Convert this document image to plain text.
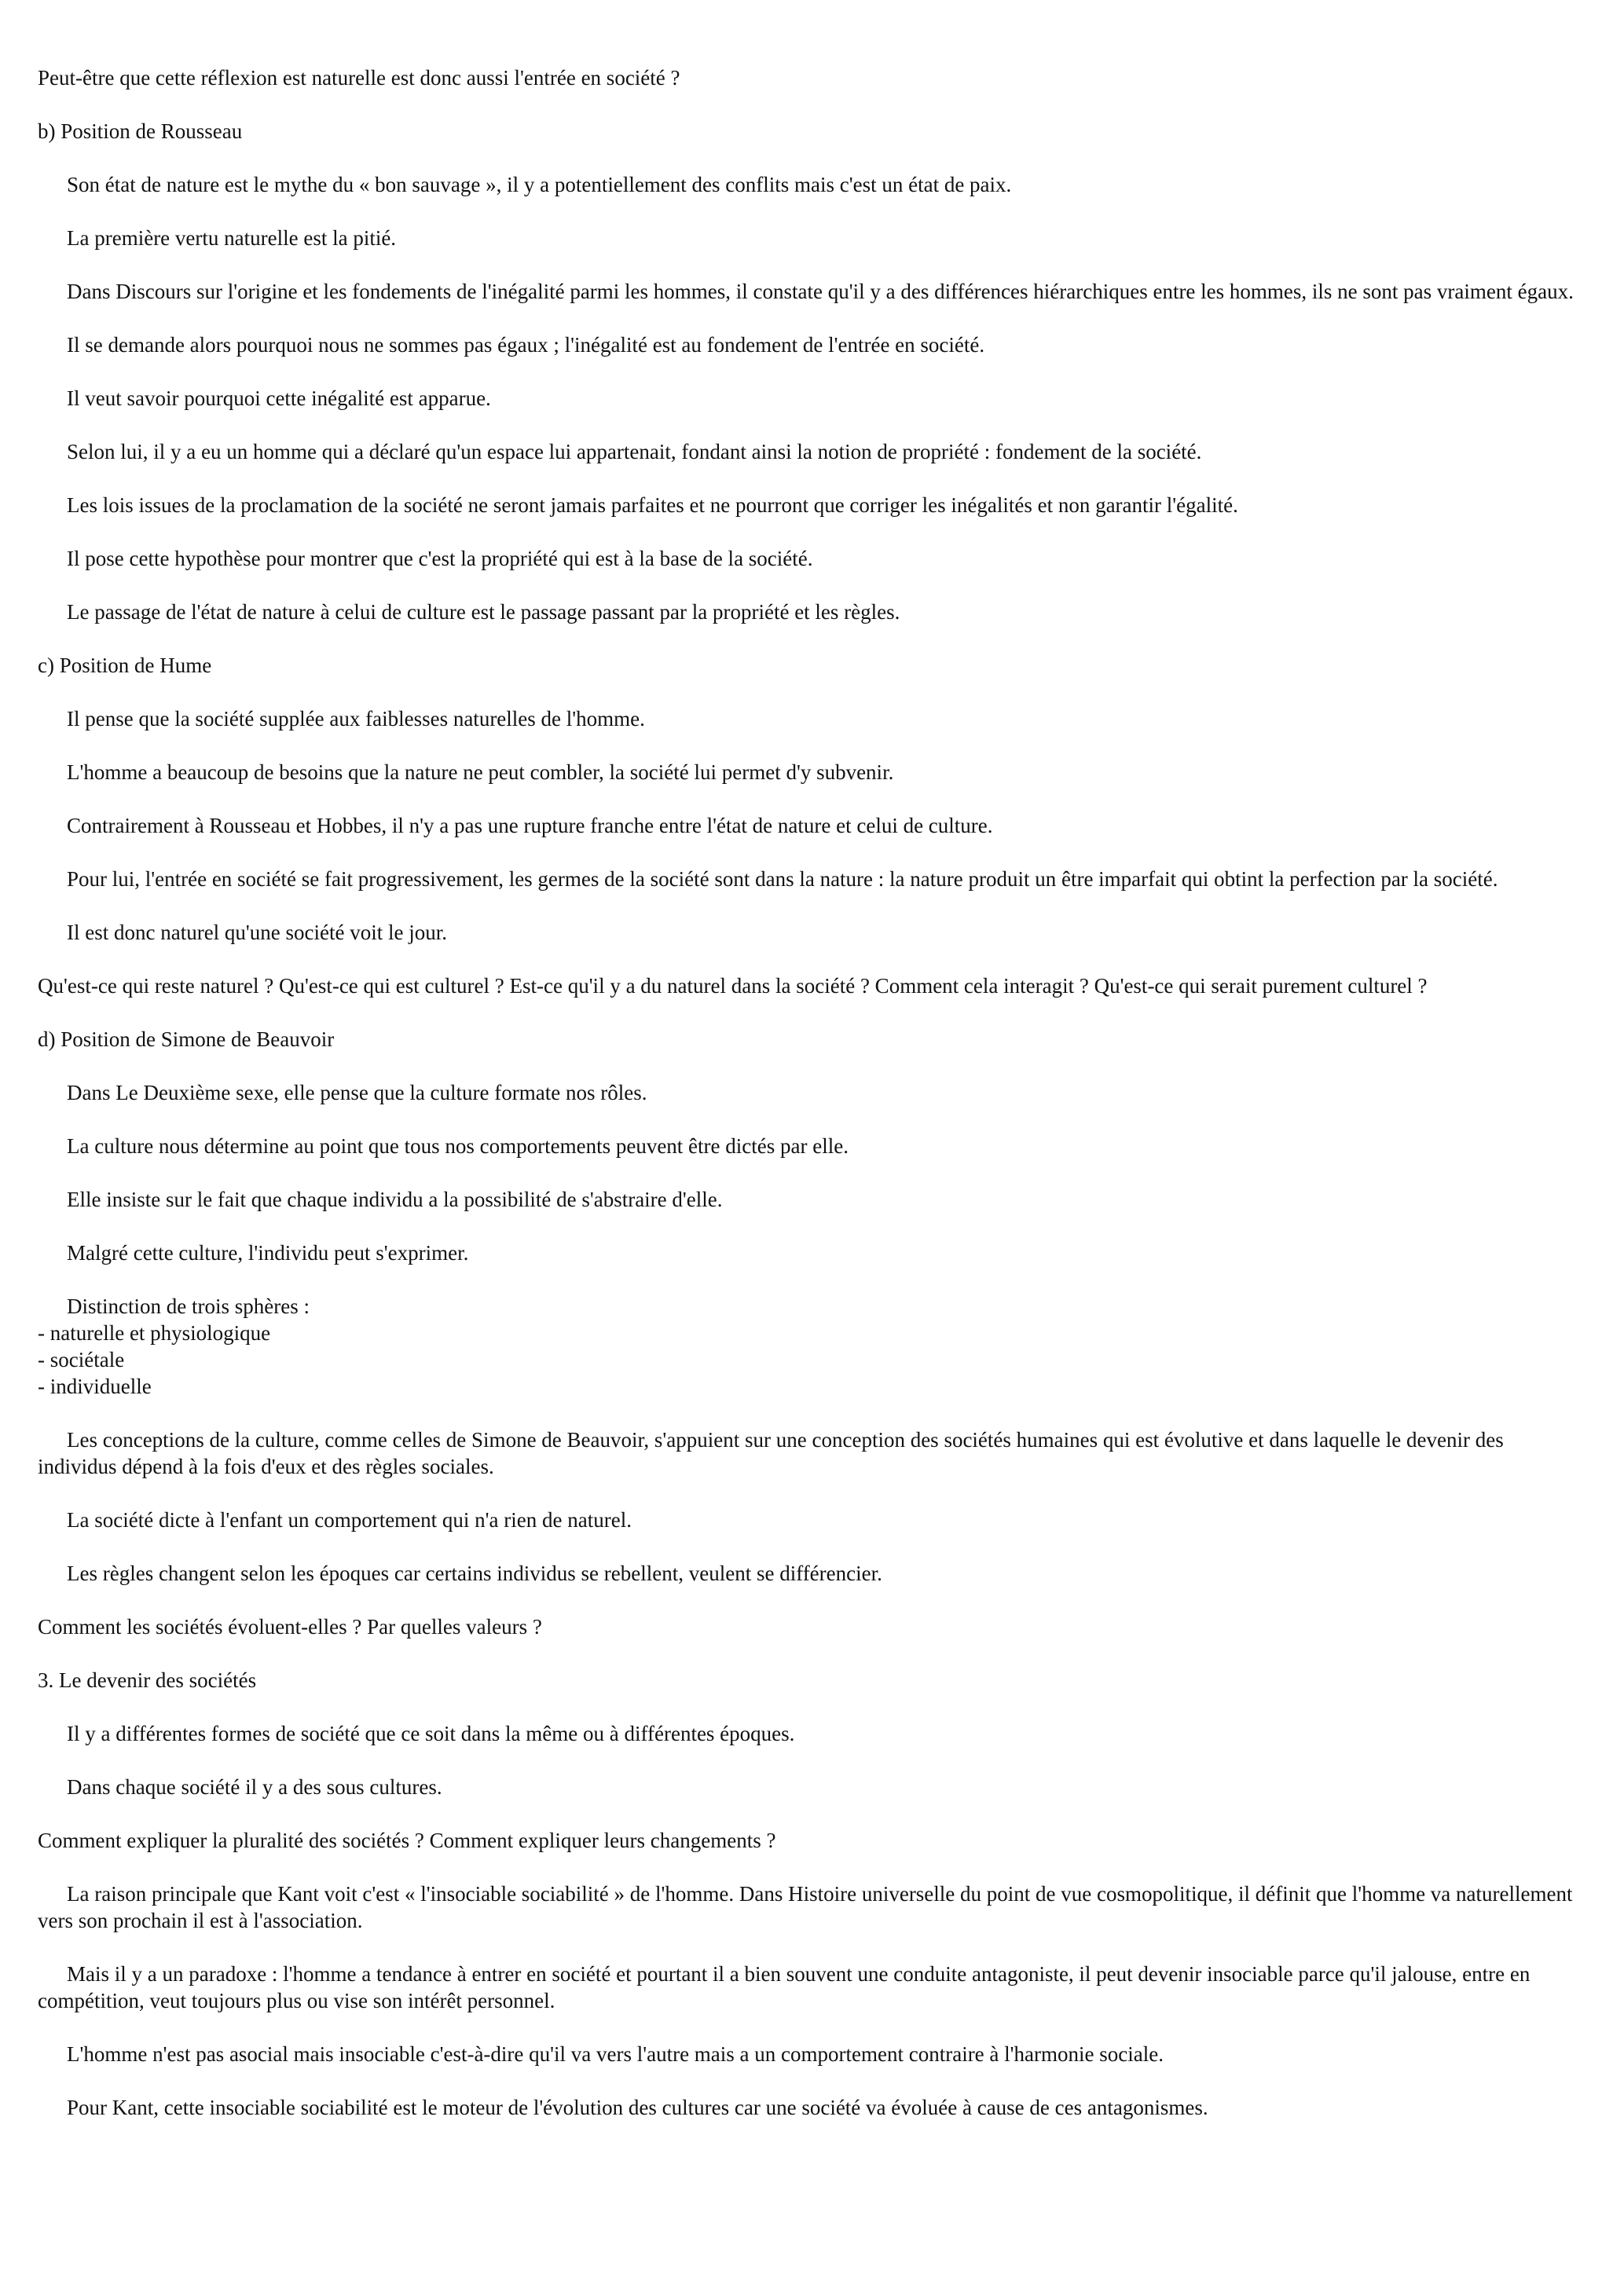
Peut-être que cette réflexion est naturelle est donc aussi l'entrée en société ?

b) Position de Rousseau

Son état de nature est le mythe du « bon sauvage », il y a potentiellement des conflits mais c'est un état de paix.

La première vertu naturelle est la pitié.

Dans Discours sur l'origine et les fondements de l'inégalité parmi les hommes, il constate qu'il y a des différences hiérarchiques entre les hommes, ils ne sont pas vraiment égaux.

Il se demande alors pourquoi nous ne sommes pas égaux ; l'inégalité est au fondement de l'entrée en société.

Il veut savoir pourquoi cette inégalité est apparue.

Selon lui, il y a eu un homme qui a déclaré qu'un espace lui appartenait, fondant ainsi la notion de propriété : fondement de la société.

Les lois issues de la proclamation de la société ne seront jamais parfaites et ne pourront que corriger les inégalités et non garantir l'égalité.

Il pose cette hypothèse pour montrer que c'est la propriété qui est à la base de la société.

Le passage de l'état de nature à celui de culture est le passage passant par la propriété et les règles.

c) Position de Hume

Il pense que la société supplée aux faiblesses naturelles de l'homme.

L'homme a beaucoup de besoins que la nature ne peut combler, la société lui permet d'y subvenir.

Contrairement à Rousseau et Hobbes, il n'y a pas une rupture franche entre l'état de nature et celui de culture.

Pour lui, l'entrée en société se fait progressivement, les germes de la société sont dans la nature : la nature produit un être imparfait qui obtint la perfection par la société.

Il est donc naturel qu'une société voit le jour.

Qu'est-ce qui reste naturel ? Qu'est-ce qui est culturel ? Est-ce qu'il y a du naturel dans la société ? Comment cela interagit ? Qu'est-ce qui serait purement culturel ?

d) Position de Simone de Beauvoir

Dans Le Deuxième sexe, elle pense que la culture formate nos rôles.

La culture nous détermine au point que tous nos comportements peuvent être dictés par elle.

Elle insiste sur le fait que chaque individu a la possibilité de s'abstraire d'elle.

Malgré cette culture, l'individu peut s'exprimer.

Distinction de trois sphères :
- naturelle et physiologique
- sociétale
- individuelle

Les conceptions de la culture, comme celles de Simone de Beauvoir, s'appuient sur une conception des sociétés humaines qui est évolutive et dans laquelle le devenir des individus dépend à la fois d'eux et des règles sociales.

La société dicte à l'enfant un comportement qui n'a rien de naturel.

Les règles changent selon les époques car certains individus se rebellent, veulent se différencier.

Comment les sociétés évoluent-elles ? Par quelles valeurs ?

3. Le devenir des sociétés

Il y a différentes formes de société que ce soit dans la même ou à différentes époques.

Dans chaque société il y a des sous cultures.

Comment expliquer la pluralité des sociétés ? Comment expliquer leurs changements ?

La raison principale que Kant voit c'est « l'insociable sociabilité » de l'homme. Dans Histoire universelle du point de vue cosmopolitique, il définit que l'homme va naturellement vers son prochain il est à l'association.

Mais il y a un paradoxe : l'homme a tendance à entrer en société et pourtant il a bien souvent une conduite antagoniste, il peut devenir insociable parce qu'il jalouse, entre en compétition, veut toujours plus ou vise son intérêt personnel.

L'homme n'est pas asocial mais insociable c'est-à-dire qu'il va vers l'autre mais a un comportement contraire à l'harmonie sociale.

Pour Kant, cette insociable sociabilité est le moteur de l'évolution des cultures car une société va évoluée à cause de ces antagonismes.
